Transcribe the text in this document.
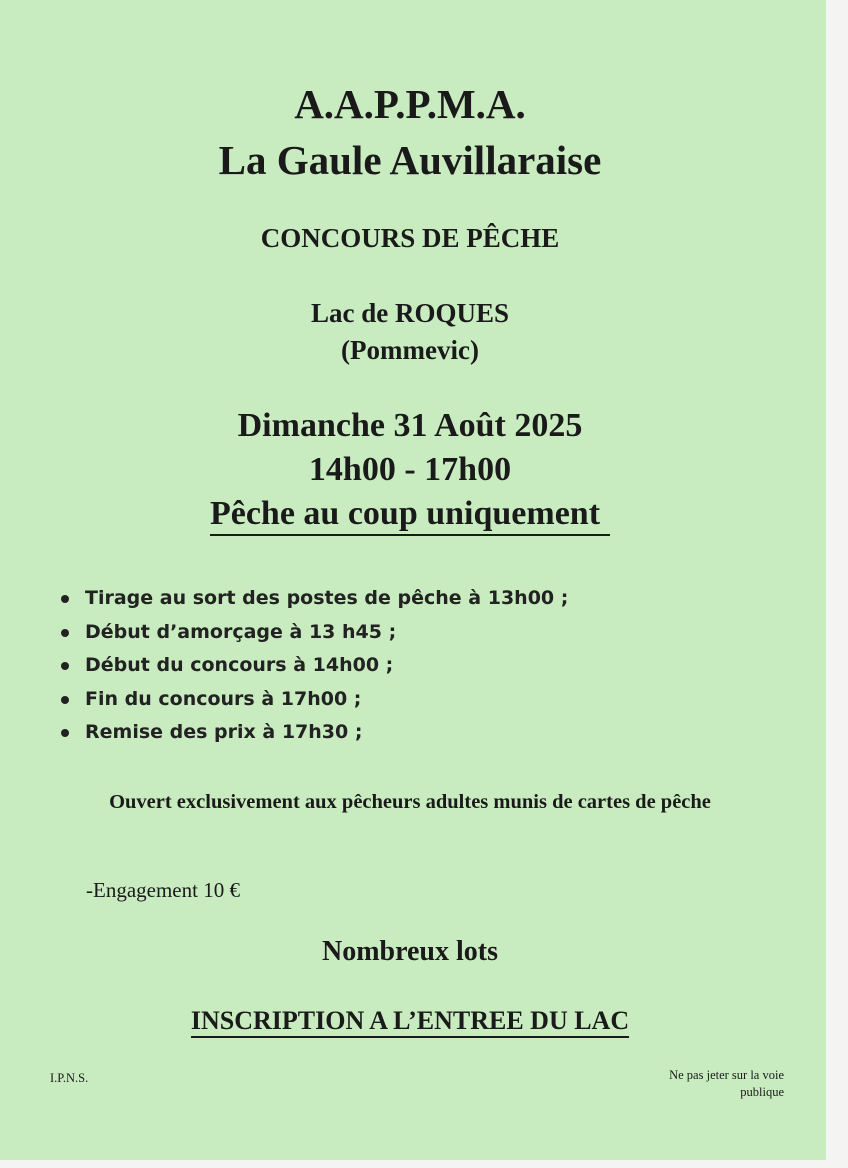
A.A.P.P.M.A.
La Gaule Auvillaraise
CONCOURS DE PÊCHE
Lac de ROQUES
(Pommevic)
Dimanche 31 Août 2025
14h00 - 17h00
Pêche au coup uniquement
Tirage au sort des postes de pêche à 13h00 ;
Début d’amorçage à 13 h45 ;
Début du concours à 14h00 ;
Fin du concours à 17h00 ;
Remise des prix à 17h30 ;
Ouvert exclusivement aux pêcheurs adultes munis de cartes de pêche
-Engagement 10 €
Nombreux lots
INSCRIPTION A L’ENTREE DU LAC
I.P.N.S.	Ne pas jeter sur la voie
publique
